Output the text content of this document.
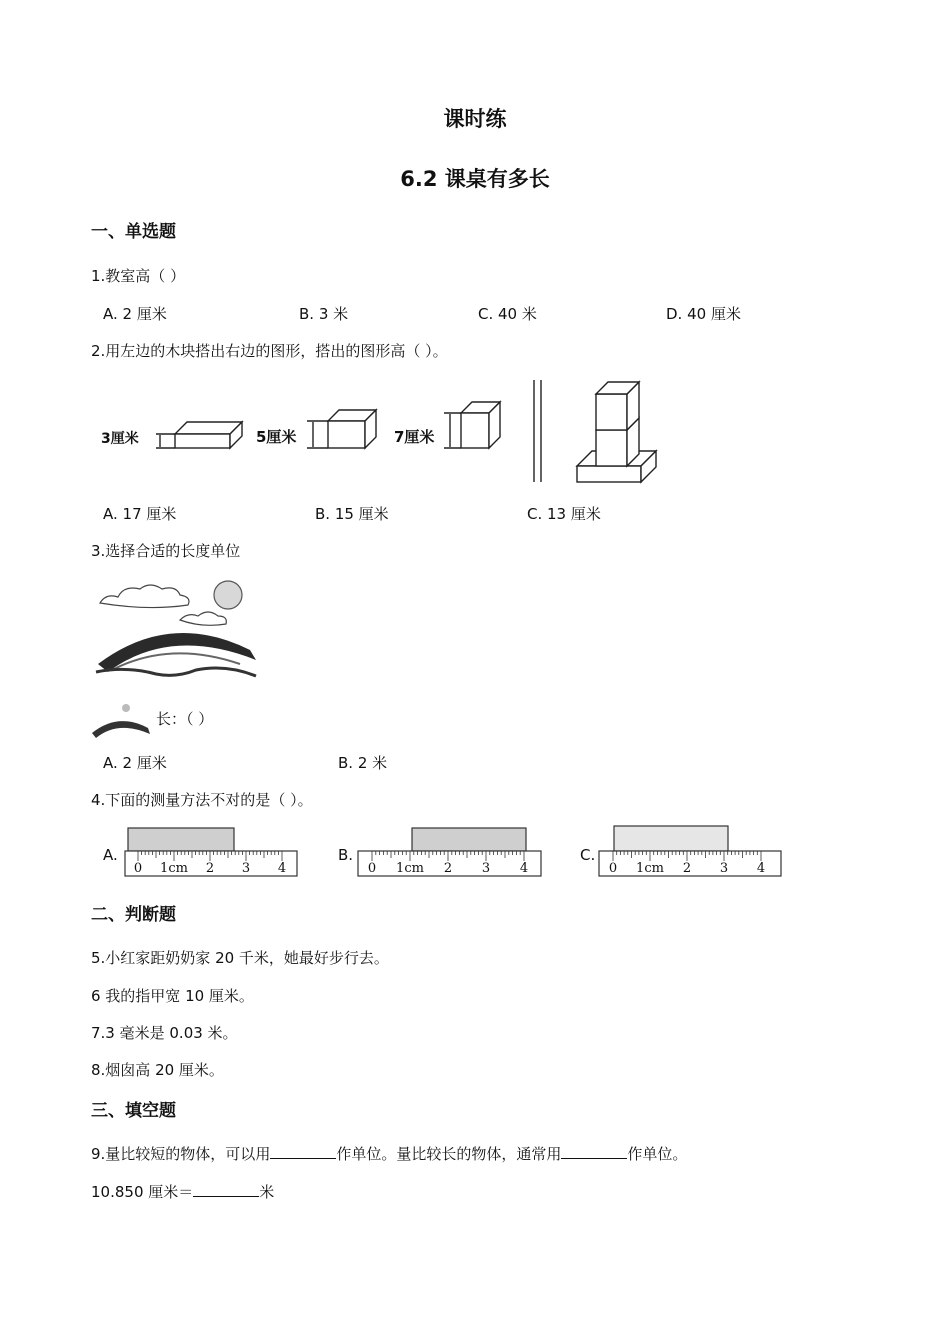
课时练
6.2 课桌有多长
一、单选题
1.教室高（ ）
A. 2 厘米	B. 3 米	C. 40 米	D. 40 厘米
2.用左边的木块搭出右边的图形，搭出的图形高（ ）。
3厘米	5厘米	7厘米
A. 17 厘米	B. 15 厘米	C. 13 厘米
3.选择合适的长度单位
长：（ ）
A. 2 厘米	B. 2 米
4.下面的测量方法不对的是（ ）。
A.	B.	C.
0 1cm 2 3 4	0 1cm 2 3 4	0 1cm 2 3 4
二、判断题
5.小红家距奶奶家 20 千米，她最好步行去。
6 我的指甲宽 10 厘米。
7.3 毫米是 0.03 米。
8.烟囱高 20 厘米。
三、填空题
9.量比较短的物体，可以用	作单位。量比较长的物体，通常用	作单位。
10.850 厘米＝	米
